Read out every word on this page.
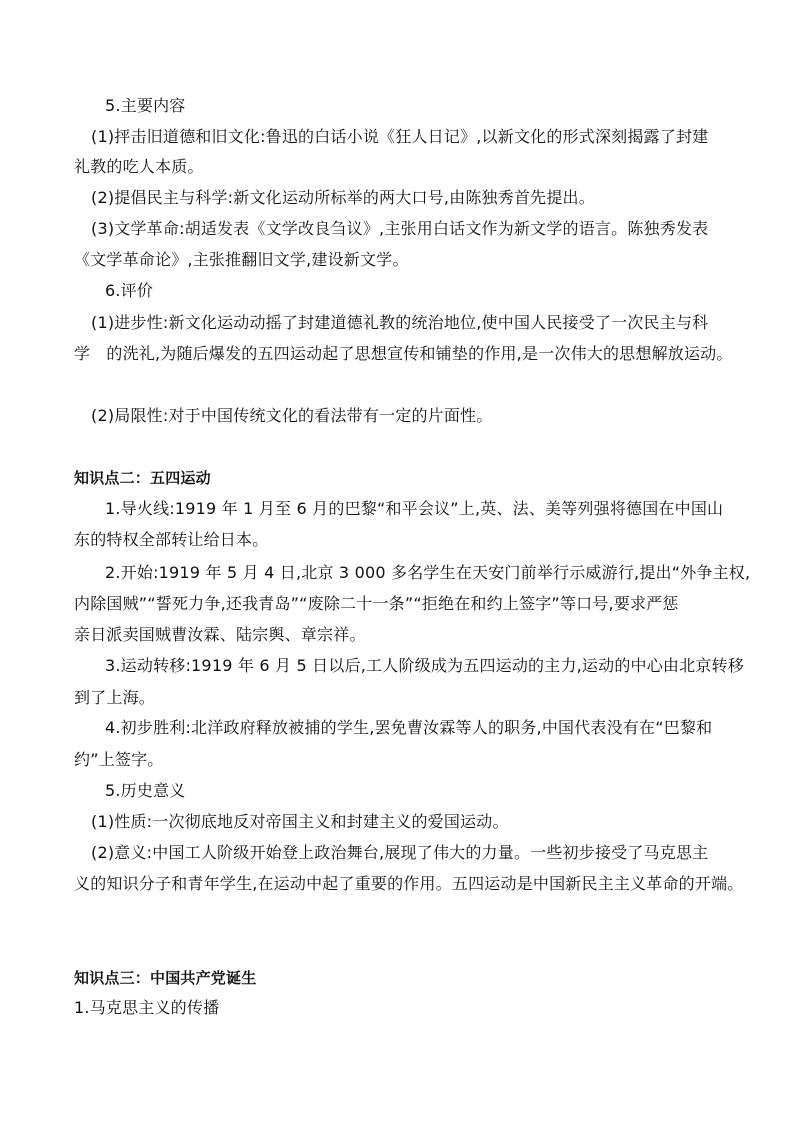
5.主要内容
(1)抨击旧道德和旧文化:鲁迅的白话小说《狂人日记》,以新文化的形式深刻揭露了封建
礼教的吃人本质。
(2)提倡民主与科学:新文化运动所标举的两大口号,由陈独秀首先提出。
(3)文学革命:胡适发表《文学改良刍议》,主张用白话文作为新文学的语言。陈独秀发表
《文学革命论》,主张推翻旧文学,建设新文学。
6.评价
(1)进步性:新文化运动动摇了封建道德礼教的统治地位,使中国人民接受了一次民主与科
学　的洗礼,为随后爆发的五四运动起了思想宣传和铺垫的作用,是一次伟大的思想解放运动。
(2)局限性:对于中国传统文化的看法带有一定的片面性。
知识点二：五四运动
1.导火线:1919 年 1 月至 6 月的巴黎“和平会议”上,英、法、美等列强将德国在中国山
东的特权全部转让给日本。
2.开始:1919 年 5 月 4 日,北京 3 000 多名学生在天安门前举行示威游行,提出“外争主权,
内除国贼”“誓死力争,还我青岛”“废除二十一条”“拒绝在和约上签字”等口号,要求严惩
亲日派卖国贼曹汝霖、陆宗舆、章宗祥。
3.运动转移:1919 年 6 月 5 日以后,工人阶级成为五四运动的主力,运动的中心由北京转移
到了上海。
4.初步胜利:北洋政府释放被捕的学生,罢免曹汝霖等人的职务,中国代表没有在“巴黎和
约”上签字。
5.历史意义
(1)性质:一次彻底地反对帝国主义和封建主义的爱国运动。
(2)意义:中国工人阶级开始登上政治舞台,展现了伟大的力量。一些初步接受了马克思主
义的知识分子和青年学生,在运动中起了重要的作用。五四运动是中国新民主主义革命的开端。
知识点三：中国共产党诞生
1.马克思主义的传播
